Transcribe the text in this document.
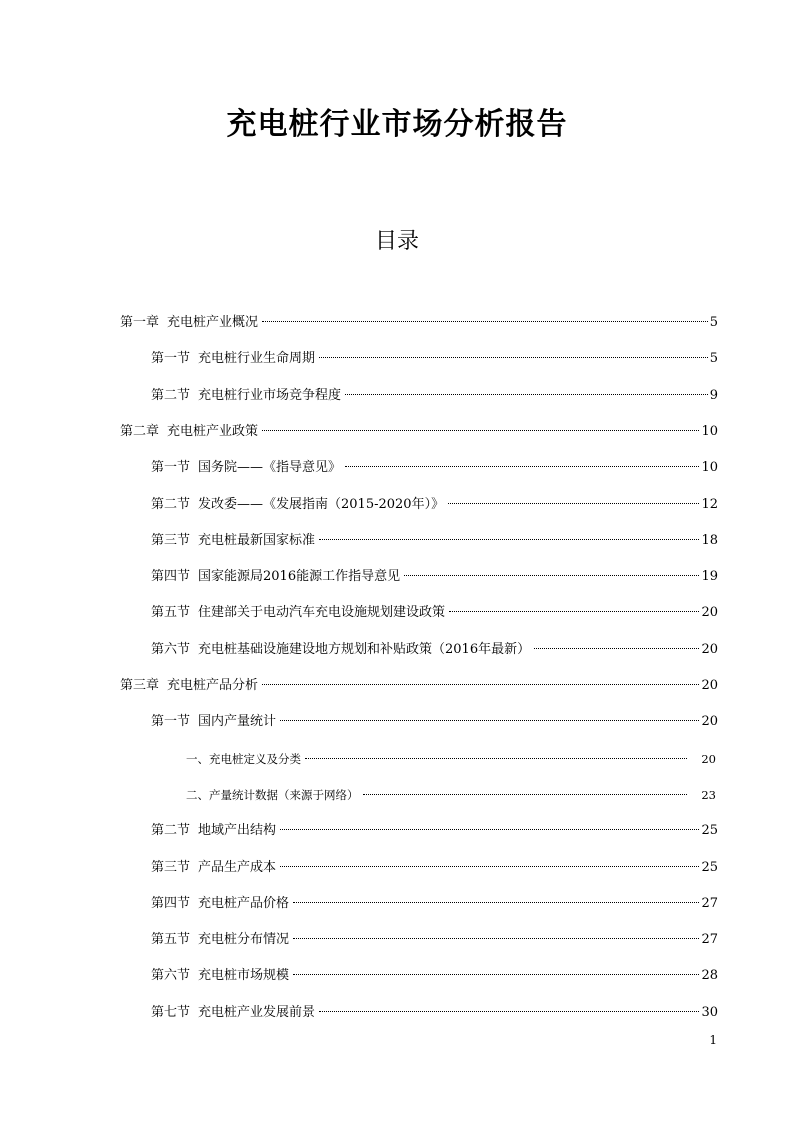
充电桩行业市场分析报告
目录
第一章 充电桩产业概况	5
第一节 充电桩行业生命周期	5
第二节 充电桩行业市场竞争程度	9
第二章 充电桩产业政策	10
第一节 国务院——《指导意见》	10
第二节 发改委——《发展指南（2015-2020年）》	12
第三节 充电桩最新国家标准	18
第四节 国家能源局2016能源工作指导意见	19
第五节 住建部关于电动汽车充电设施规划建设政策	20
第六节 充电桩基础设施建设地方规划和补贴政策（2016年最新）	20
第三章 充电桩产品分析	20
第一节 国内产量统计	20
一、 充电桩定义及分类	20
二、 产量统计数据（来源于网络）	23
第二节 地域产出结构	25
第三节 产品生产成本	25
第四节 充电桩产品价格	27
第五节 充电桩分布情况	27
第六节 充电桩市场规模	28
第七节 充电桩产业发展前景	30
1
